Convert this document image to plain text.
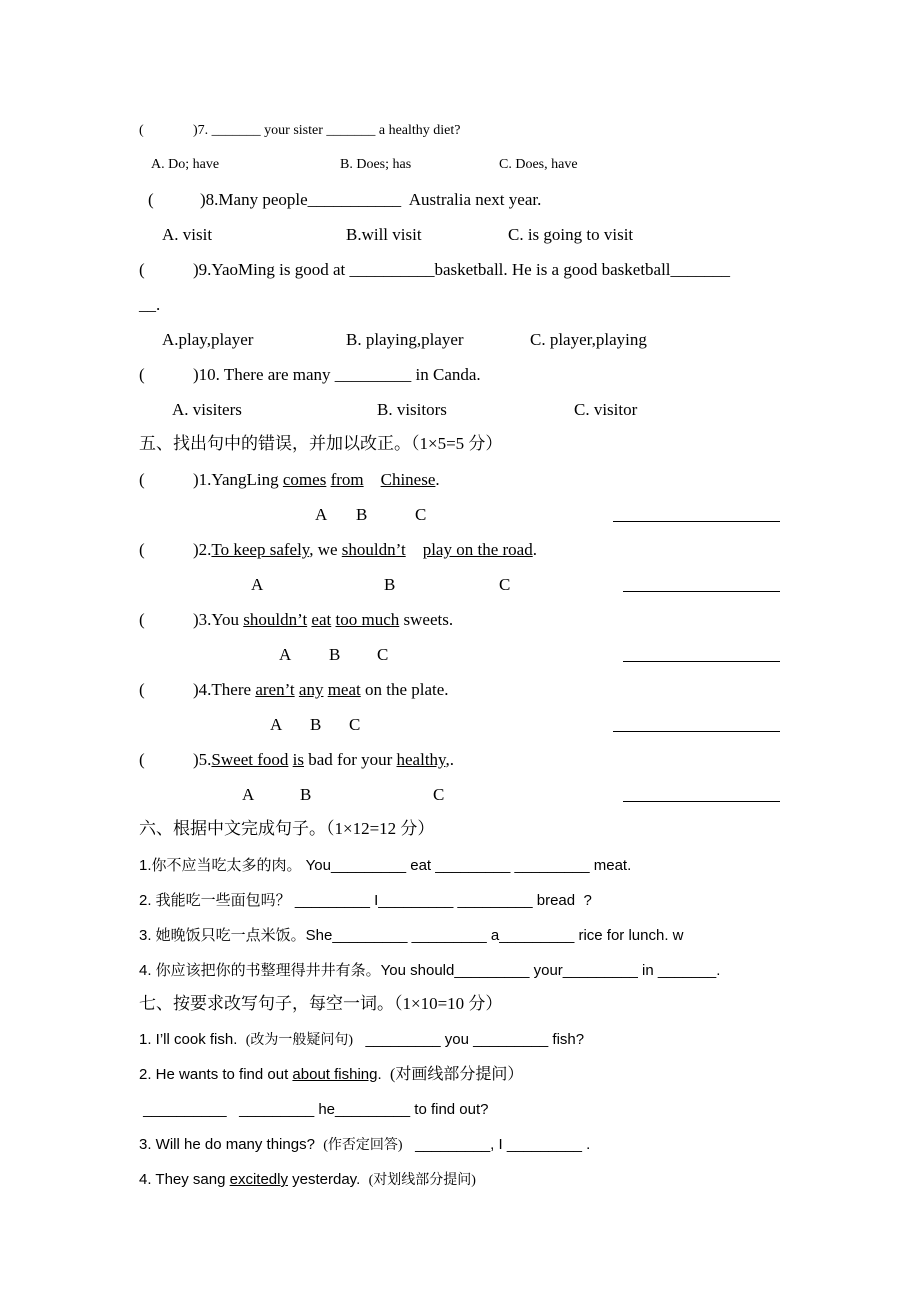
(	)7. _______ your sister _______ a healthy diet?
A. Do; have	B. Does; has	C. Does, have
(	)8.Many people___________  Australia next year.
A. visit	B.will visit	C. is going to visit
(	)9.YaoMing is good at __________basketball. He is a good basketball_______
__.
A.play,player	B. playing,player	C. player,playing
(	)10. There are many _________ in Canda.
A. visiters	B. visitors	C. visitor
五、找出句中的错误，并加以改正。（1×5=5 分）
(	)1.YangLing comes from Chinese.
A B	C
(	)2.To keep safely, we shouldn’t play on the road.
A	B	C
(	)3.You shouldn’t eat too much sweets.
A B C
(	)4.There aren’t any meat on the plate.
A B C
(	)5.Sweet food is bad for your healthy,.
A	B	C
六、根据中文完成句子。（1×12=12 分）
1.你不应当吃太多的肉。 You_________ eat _________ _________ meat.
2. 我能吃一些面包吗？ _________ I_________ _________ bread  ?
3. 她晚饭只吃一点米饭。She_________ _________ a_________ rice for lunch. w
4. 你应该把你的书整理得井井有条。You should_________ your_________ in _______.
七、按要求改写句子，每空一词。（1×10=10 分）
1. I’ll cook fish.  (改为一般疑问句)   _________ you _________ fish?
2. He wants to find out about fishing.  (对画线部分提问）
__________   _________ he_________ to find out?
3. Will he do many things?  (作否定回答)   _________, I _________ .
4. They sang excitedly yesterday.  (对划线部分提问)
